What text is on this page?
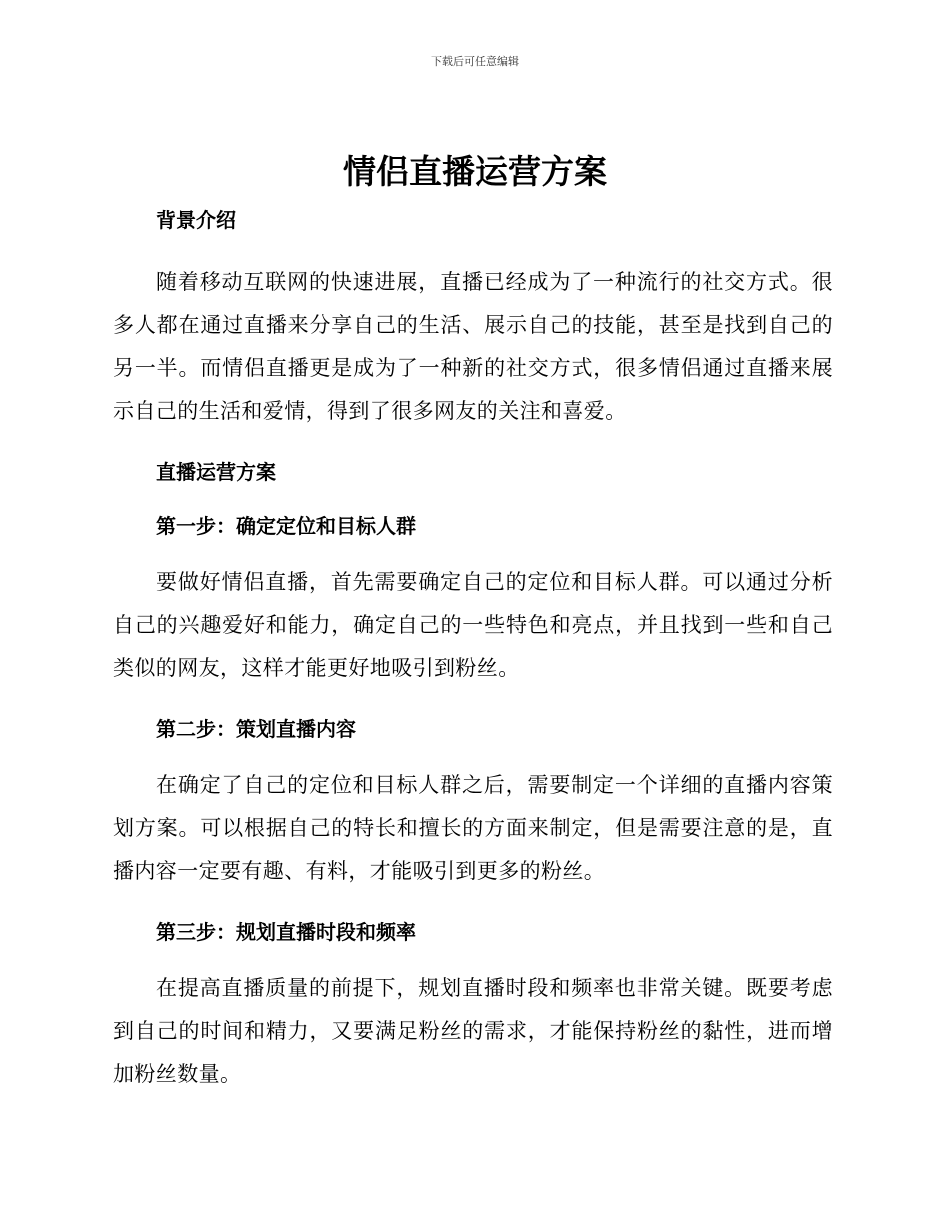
下载后可任意编辑
情侣直播运营方案
背景介绍

随着移动互联网的快速进展，直播已经成为了一种流行的社交方式。很多人都在通过直播来分享自己的生活、展示自己的技能，甚至是找到自己的另一半。而情侣直播更是成为了一种新的社交方式，很多情侣通过直播来展示自己的生活和爱情，得到了很多网友的关注和喜爱。

直播运营方案
第一步：确定定位和目标人群

要做好情侣直播，首先需要确定自己的定位和目标人群。可以通过分析自己的兴趣爱好和能力，确定自己的一些特色和亮点，并且找到一些和自己类似的网友，这样才能更好地吸引到粉丝。

第二步：策划直播内容

在确定了自己的定位和目标人群之后，需要制定一个详细的直播内容策划方案。可以根据自己的特长和擅长的方面来制定，但是需要注意的是，直播内容一定要有趣、有料，才能吸引到更多的粉丝。

第三步：规划直播时段和频率

在提高直播质量的前提下，规划直播时段和频率也非常关键。既要考虑到自己的时间和精力，又要满足粉丝的需求，才能保持粉丝的黏性，进而增加粉丝数量。
